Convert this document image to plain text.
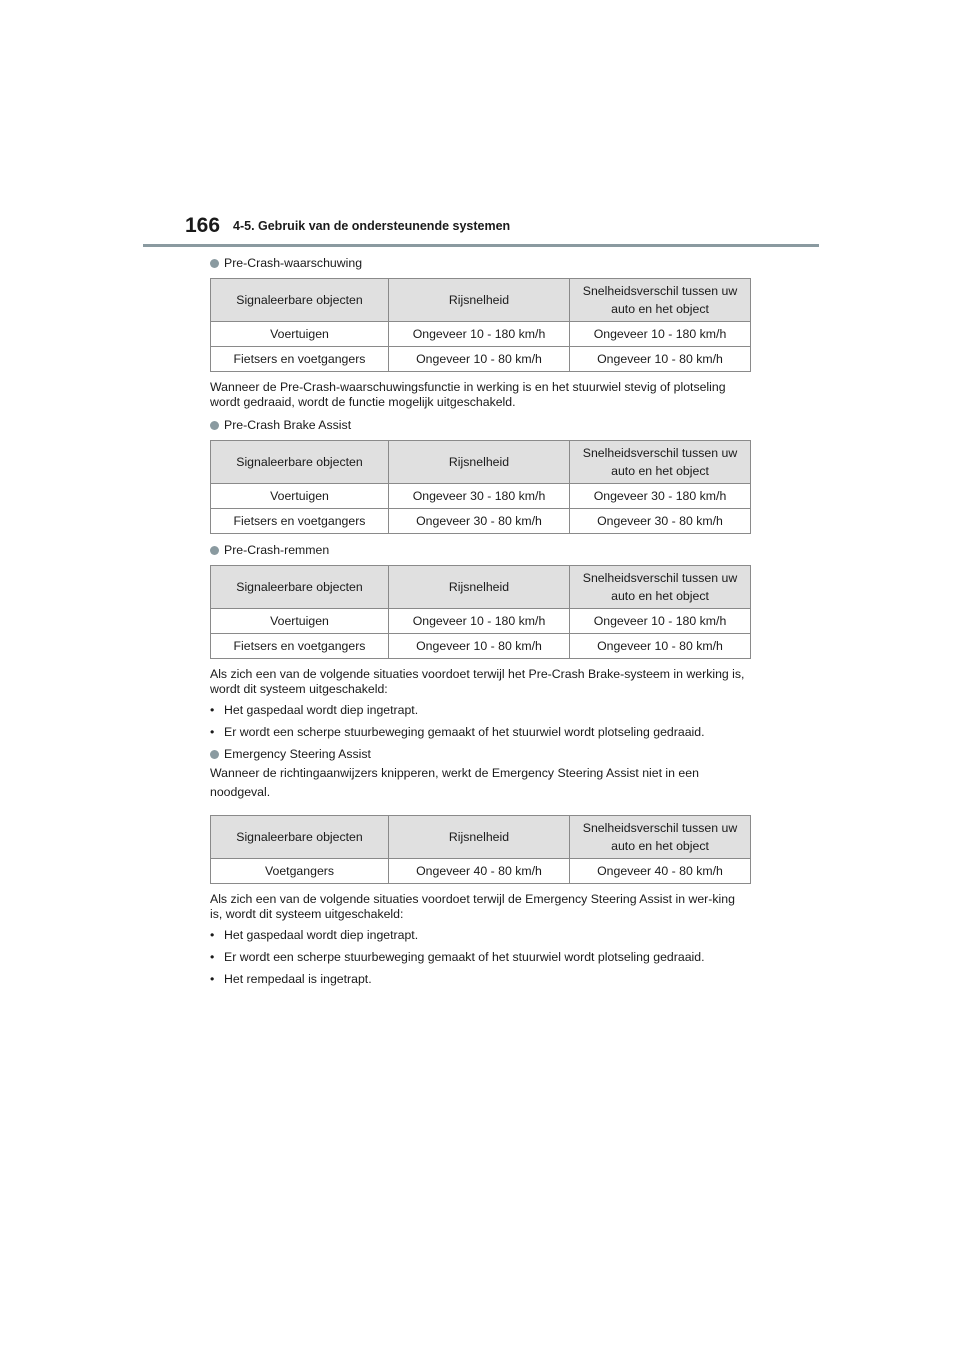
166 4-5. Gebruik van de ondersteunende systemen

Pre-Crash-waarschuwing

Signaleerbare objecten	Rijsnelheid	Snelheidsverschil tussen uw auto en het object
Voertuigen	Ongeveer 10 - 180 km/h	Ongeveer 10 - 180 km/h
Fietsers en voetgangers	Ongeveer 10 - 80 km/h	Ongeveer 10 - 80 km/h

Wanneer de Pre-Crash-waarschuwingsfunctie in werking is en het stuurwiel stevig of plotseling wordt gedraaid, wordt de functie mogelijk uitgeschakeld.

Pre-Crash Brake Assist

Signaleerbare objecten	Rijsnelheid	Snelheidsverschil tussen uw auto en het object
Voertuigen	Ongeveer 30 - 180 km/h	Ongeveer 30 - 180 km/h
Fietsers en voetgangers	Ongeveer 30 - 80 km/h	Ongeveer 30 - 80 km/h

Pre-Crash-remmen

Signaleerbare objecten	Rijsnelheid	Snelheidsverschil tussen uw auto en het object
Voertuigen	Ongeveer 10 - 180 km/h	Ongeveer 10 - 180 km/h
Fietsers en voetgangers	Ongeveer 10 - 80 km/h	Ongeveer 10 - 80 km/h

Als zich een van de volgende situaties voordoet terwijl het Pre-Crash Brake-systeem in werking is, wordt dit systeem uitgeschakeld:

• Het gaspedaal wordt diep ingetrapt.

• Er wordt een scherpe stuurbeweging gemaakt of het stuurwiel wordt plotseling gedraaid.

Emergency Steering Assist

Wanneer de richtingaanwijzers knipperen, werkt de Emergency Steering Assist niet in een noodgeval.

Signaleerbare objecten	Rijsnelheid	Snelheidsverschil tussen uw auto en het object
Voetgangers	Ongeveer 40 - 80 km/h	Ongeveer 40 - 80 km/h

Als zich een van de volgende situaties voordoet terwijl de Emergency Steering Assist in wer-king is, wordt dit systeem uitgeschakeld:

• Het gaspedaal wordt diep ingetrapt.

• Er wordt een scherpe stuurbeweging gemaakt of het stuurwiel wordt plotseling gedraaid.

• Het rempedaal is ingetrapt.
